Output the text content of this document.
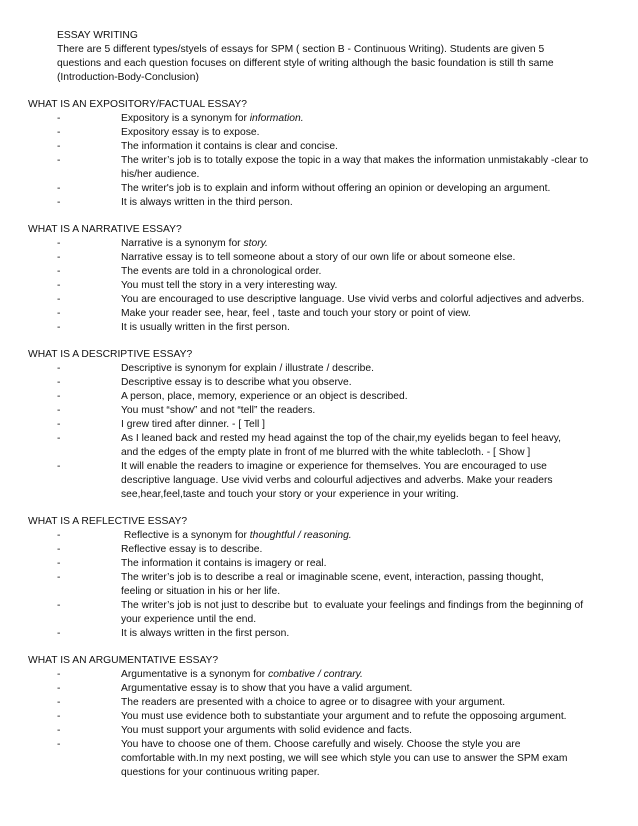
ESSAY WRITING
There are 5 different types/styels of essays for SPM ( section B - Continuous Writing). Students are given 5
questions and each question focuses on different style of writing although the basic foundation is still th same
(Introduction-Body-Conclusion)
WHAT IS AN EXPOSITORY/FACTUAL ESSAY?
-	Expository is a synonym for information.
-	Expository essay is to expose.
-	The information it contains is clear and concise.
-	The writer’s job is to totally expose the topic in a way that makes the information unmistakably -clear to
his/her audience.
-	The writer's job is to explain and inform without offering an opinion or developing an argument.
-	It is always written in the third person.
WHAT IS A NARRATIVE ESSAY?
-	Narrative is a synonym for story.
-	Narrative essay is to tell someone about a story of our own life or about someone else.
-	The events are told in a chronological order.
-	You must tell the story in a very interesting way.
-	You are encouraged to use descriptive language. Use vivid verbs and colorful adjectives and adverbs.
-	Make your reader see, hear, feel , taste and touch your story or point of view.
-	It is usually written in the first person.
WHAT IS A DESCRIPTIVE ESSAY?
-	Descriptive is synonym for explain / illustrate / describe.
-	Descriptive essay is to describe what you observe.
-	A person, place, memory, experience or an object is described.
-	You must “show” and not “tell” the readers.
-	I grew tired after dinner. - [ Tell ]
-	As I leaned back and rested my head against the top of the chair,my eyelids began to feel heavy,
and the edges of the empty plate in front of me blurred with the white tablecloth. - [ Show ]
-	It will enable the readers to imagine or experience for themselves. You are encouraged to use
descriptive language. Use vivid verbs and colourful adjectives and adverbs. Make your readers
see,hear,feel,taste and touch your story or your experience in your writing.
WHAT IS A REFLECTIVE ESSAY?
-	Reflective is a synonym for thoughtful / reasoning.
-	Reflective essay is to describe.
-	The information it contains is imagery or real.
-	The writer’s job is to describe a real or imaginable scene, event, interaction, passing thought,
feeling or situation in his or her life.
-	The writer’s job is not just to describe but  to evaluate your feelings and findings from the beginning of
your experience until the end.
-	It is always written in the first person.
WHAT IS AN ARGUMENTATIVE ESSAY?
-	Argumentative is a synonym for combative / contrary.
-	Argumentative essay is to show that you have a valid argument.
-	The readers are presented with a choice to agree or to disagree with your argument.
-	You must use evidence both to substantiate your argument and to refute the opposoing argument.
-	You must support your arguments with solid evidence and facts.
-	You have to choose one of them. Choose carefully and wisely. Choose the style you are
comfortable with.In my next posting, we will see which style you can use to answer the SPM exam
questions for your continuous writing paper.
